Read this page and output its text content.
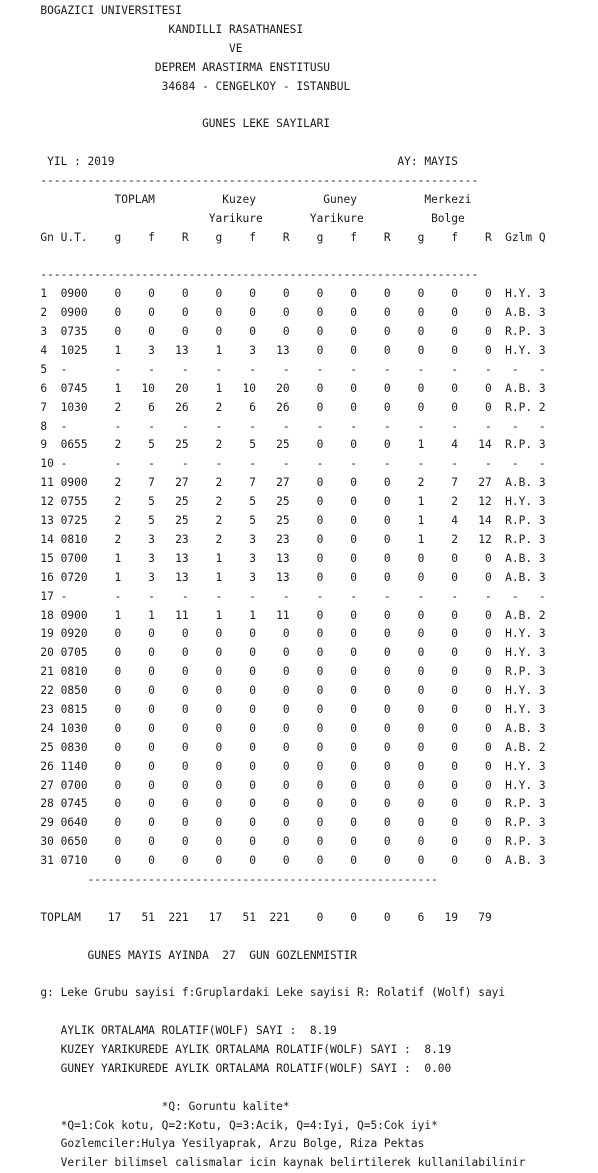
BOGAZICI UNIVERSITESI
KANDILLI RASATHANESI
VE
DEPREM ARASTIRMA ENSTITUSU
34684 - CENGELKOY - ISTANBUL
GUNES LEKE SAYILARI
YIL : 2019                                          AY: MAYIS
-----------------------------------------------------------------
TOPLAM          Kuzey          Guney          Merkezi
Yarikure       Yarikure          Bolge
Gn U.T.    g    f    R    g    f    R    g    f    R    g    f    R  Gzlm Q
-----------------------------------------------------------------
1  0900    0    0    0    0    0    0    0    0    0    0    0    0  H.Y. 3
2  0900    0    0    0    0    0    0    0    0    0    0    0    0  A.B. 3
3  0735    0    0    0    0    0    0    0    0    0    0    0    0  R.P. 3
4  1025    1    3   13    1    3   13    0    0    0    0    0    0  H.Y. 3
5  -       -    -    -    -    -    -    -    -    -    -    -    -   -   -
6  0745    1   10   20    1   10   20    0    0    0    0    0    0  A.B. 3
7  1030    2    6   26    2    6   26    0    0    0    0    0    0  R.P. 2
8  -       -    -    -    -    -    -    -    -    -    -    -    -   -   -
9  0655    2    5   25    2    5   25    0    0    0    1    4   14  R.P. 3
10 -       -    -    -    -    -    -    -    -    -    -    -    -   -   -
11 0900    2    7   27    2    7   27    0    0    0    2    7   27  A.B. 3
12 0755    2    5   25    2    5   25    0    0    0    1    2   12  H.Y. 3
13 0725    2    5   25    2    5   25    0    0    0    1    4   14  R.P. 3
14 0810    2    3   23    2    3   23    0    0    0    1    2   12  R.P. 3
15 0700    1    3   13    1    3   13    0    0    0    0    0    0  A.B. 3
16 0720    1    3   13    1    3   13    0    0    0    0    0    0  A.B. 3
17 -       -    -    -    -    -    -    -    -    -    -    -    -   -   -
18 0900    1    1   11    1    1   11    0    0    0    0    0    0  A.B. 2
19 0920    0    0    0    0    0    0    0    0    0    0    0    0  H.Y. 3
20 0705    0    0    0    0    0    0    0    0    0    0    0    0  H.Y. 3
21 0810    0    0    0    0    0    0    0    0    0    0    0    0  R.P. 3
22 0850    0    0    0    0    0    0    0    0    0    0    0    0  H.Y. 3
23 0815    0    0    0    0    0    0    0    0    0    0    0    0  H.Y. 3
24 1030    0    0    0    0    0    0    0    0    0    0    0    0  A.B. 3
25 0830    0    0    0    0    0    0    0    0    0    0    0    0  A.B. 2
26 1140    0    0    0    0    0    0    0    0    0    0    0    0  H.Y. 3
27 0700    0    0    0    0    0    0    0    0    0    0    0    0  H.Y. 3
28 0745    0    0    0    0    0    0    0    0    0    0    0    0  R.P. 3
29 0640    0    0    0    0    0    0    0    0    0    0    0    0  R.P. 3
30 0650    0    0    0    0    0    0    0    0    0    0    0    0  R.P. 3
31 0710    0    0    0    0    0    0    0    0    0    0    0    0  A.B. 3
----------------------------------------------------
TOPLAM    17   51  221   17   51  221    0    0    0    6   19   79
GUNES MAYIS AYINDA  27  GUN GOZLENMISTIR
g: Leke Grubu sayisi f:Gruplardaki Leke sayisi R: Rolatif (Wolf) sayi
AYLIK ORTALAMA ROLATIF(WOLF) SAYI :  8.19
KUZEY YARIKUREDE AYLIK ORTALAMA ROLATIF(WOLF) SAYI :  8.19
GUNEY YARIKUREDE AYLIK ORTALAMA ROLATIF(WOLF) SAYI :  0.00
*Q: Goruntu kalite*
*Q=1:Cok kotu, Q=2:Kotu, Q=3:Acik, Q=4:Iyi, Q=5:Cok iyi*
Gozlemciler:Hulya Yesilyaprak, Arzu Bolge, Riza Pektas
Veriler bilimsel calismalar icin kaynak belirtilerek kullanilabilinir
